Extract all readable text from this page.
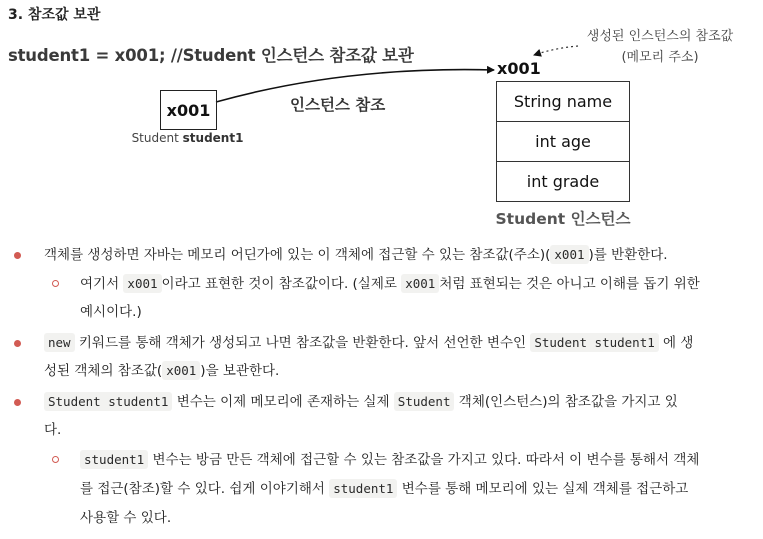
3. 참조값 보관
student1 = x001; //Student 인스턴스 참조값 보관
생성된 인스턴스의 참조값
(메모리 주소)
x001
x001
Student student1
인스턴스 참조	String name
int age
int grade
Student 인스턴스
객체를 생성하면 자바는 메모리 어딘가에 있는 이 객체에 접근할 수 있는 참조값(주소)( x001 )를 반환한다.
여기서 x001 이라고 표현한 것이 참조값이다. (실제로 x001 처럼 표현되는 것은 아니고 이해를 돕기 위한
예시이다.)
new 키워드를 통해 객체가 생성되고 나면 참조값을 반환한다. 앞서 선언한 변수인 Student student1 에 생
성된 객체의 참조값( x001 )을 보관한다.
Student student1 변수는 이제 메모리에 존재하는 실제 Student 객체(인스턴스)의 참조값을 가지고 있
다.
student1 변수는 방금 만든 객체에 접근할 수 있는 참조값을 가지고 있다. 따라서 이 변수를 통해서 객체
를 접근(참조)할 수 있다. 쉽게 이야기해서 student1 변수를 통해 메모리에 있는 실제 객체를 접근하고
사용할 수 있다.
